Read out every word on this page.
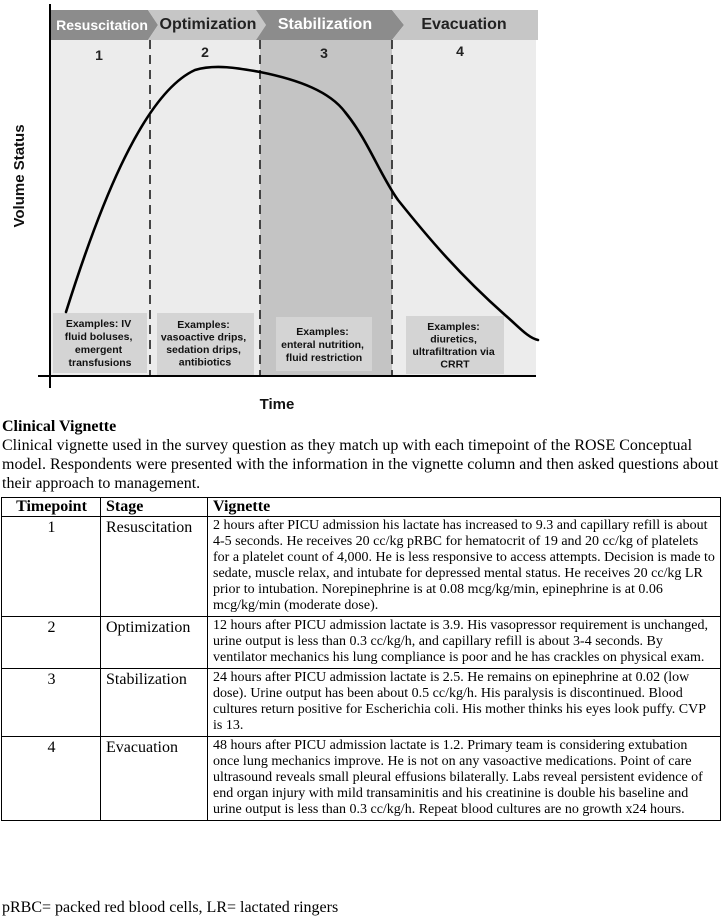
Resuscitation Optimization Stabilization	Evacuation
1	2	3	4
Examples: IV fluid boluses, emergent transfusions
Examples: vasoactive drips, sedation drips, antibiotics
Examples: enteral nutrition, fluid restriction
Examples: diuretics, ultrafiltration via CRRT
Volume Status
Time
Clinical Vignette
Clinical vignette used in the survey question as they match up with each timepoint of the ROSE Conceptual model. Respondents were presented with the information in the vignette column and then asked questions about their approach to management.
Timepoint	Stage	Vignette
1	Resuscitation	2 hours after PICU admission his lactate has increased to 9.3 and capillary refill is about 4-5 seconds. He receives 20 cc/kg pRBC for hematocrit of 19 and 20 cc/kg of platelets for a platelet count of 4,000. He is less responsive to access attempts. Decision is made to sedate, muscle relax, and intubate for depressed mental status. He receives 20 cc/kg LR prior to intubation. Norepinephrine is at 0.08 mcg/kg/min, epinephrine is at 0.06 mcg/kg/min (moderate dose).
2	Optimization	12 hours after PICU admission lactate is 3.9. His vasopressor requirement is unchanged, urine output is less than 0.3 cc/kg/h, and capillary refill is about 3-4 seconds. By ventilator mechanics his lung compliance is poor and he has crackles on physical exam.
3	Stabilization	24 hours after PICU admission lactate is 2.5. He remains on epinephrine at 0.02 (low dose). Urine output has been about 0.5 cc/kg/h. His paralysis is discontinued. Blood cultures return positive for Escherichia coli. His mother thinks his eyes look puffy. CVP is 13.
4	Evacuation	48 hours after PICU admission lactate is 1.2. Primary team is considering extubation once lung mechanics improve. He is not on any vasoactive medications. Point of care ultrasound reveals small pleural effusions bilaterally. Labs reveal persistent evidence of end organ injury with mild transaminitis and his creatinine is double his baseline and urine output is less than 0.3 cc/kg/h. Repeat blood cultures are no growth x24 hours.
pRBC= packed red blood cells, LR= lactated ringers
